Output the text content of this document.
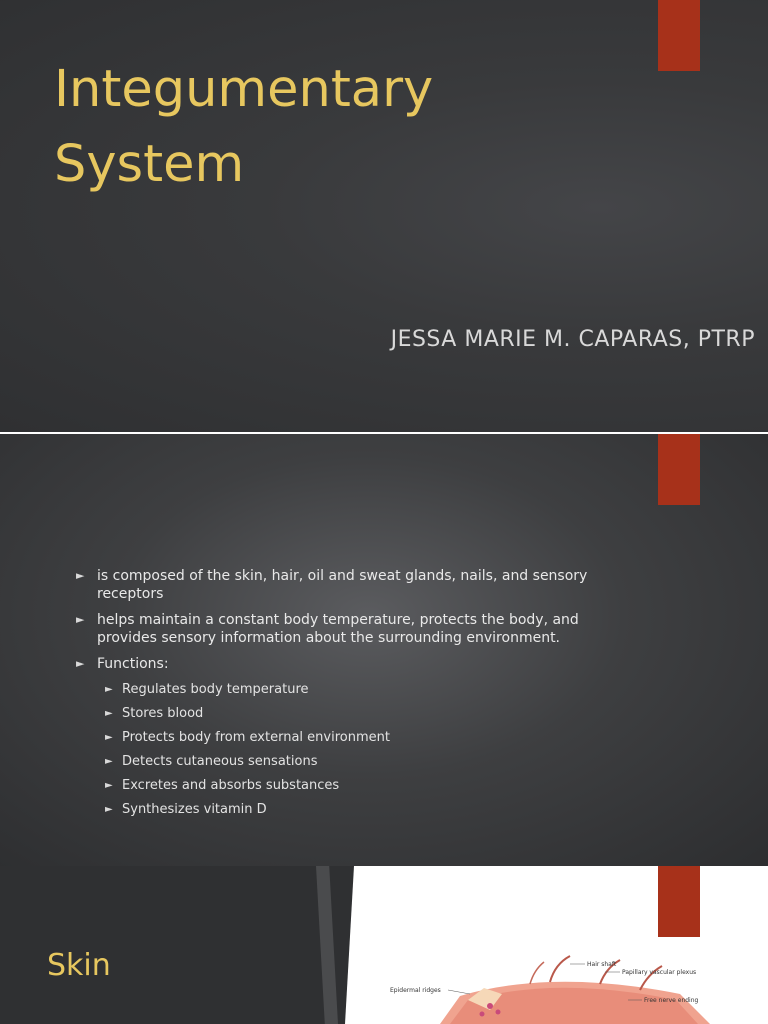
Integumentary
System
JESSA MARIE M. CAPARAS, PTRP
► is composed of the skin, hair, oil and sweat glands, nails, and sensory receptors
► helps maintain a constant body temperature, protects the body, and provides sensory information about the surrounding environment.
► Functions:
► Regulates body temperature
► Stores blood
► Protects body from external environment
► Detects cutaneous sensations
► Excretes and absorbs substances
► Synthesizes vitamin D
Skin	Hair shaft
Papillary vascular plexus
Epidermal ridges
Free nerve ending
